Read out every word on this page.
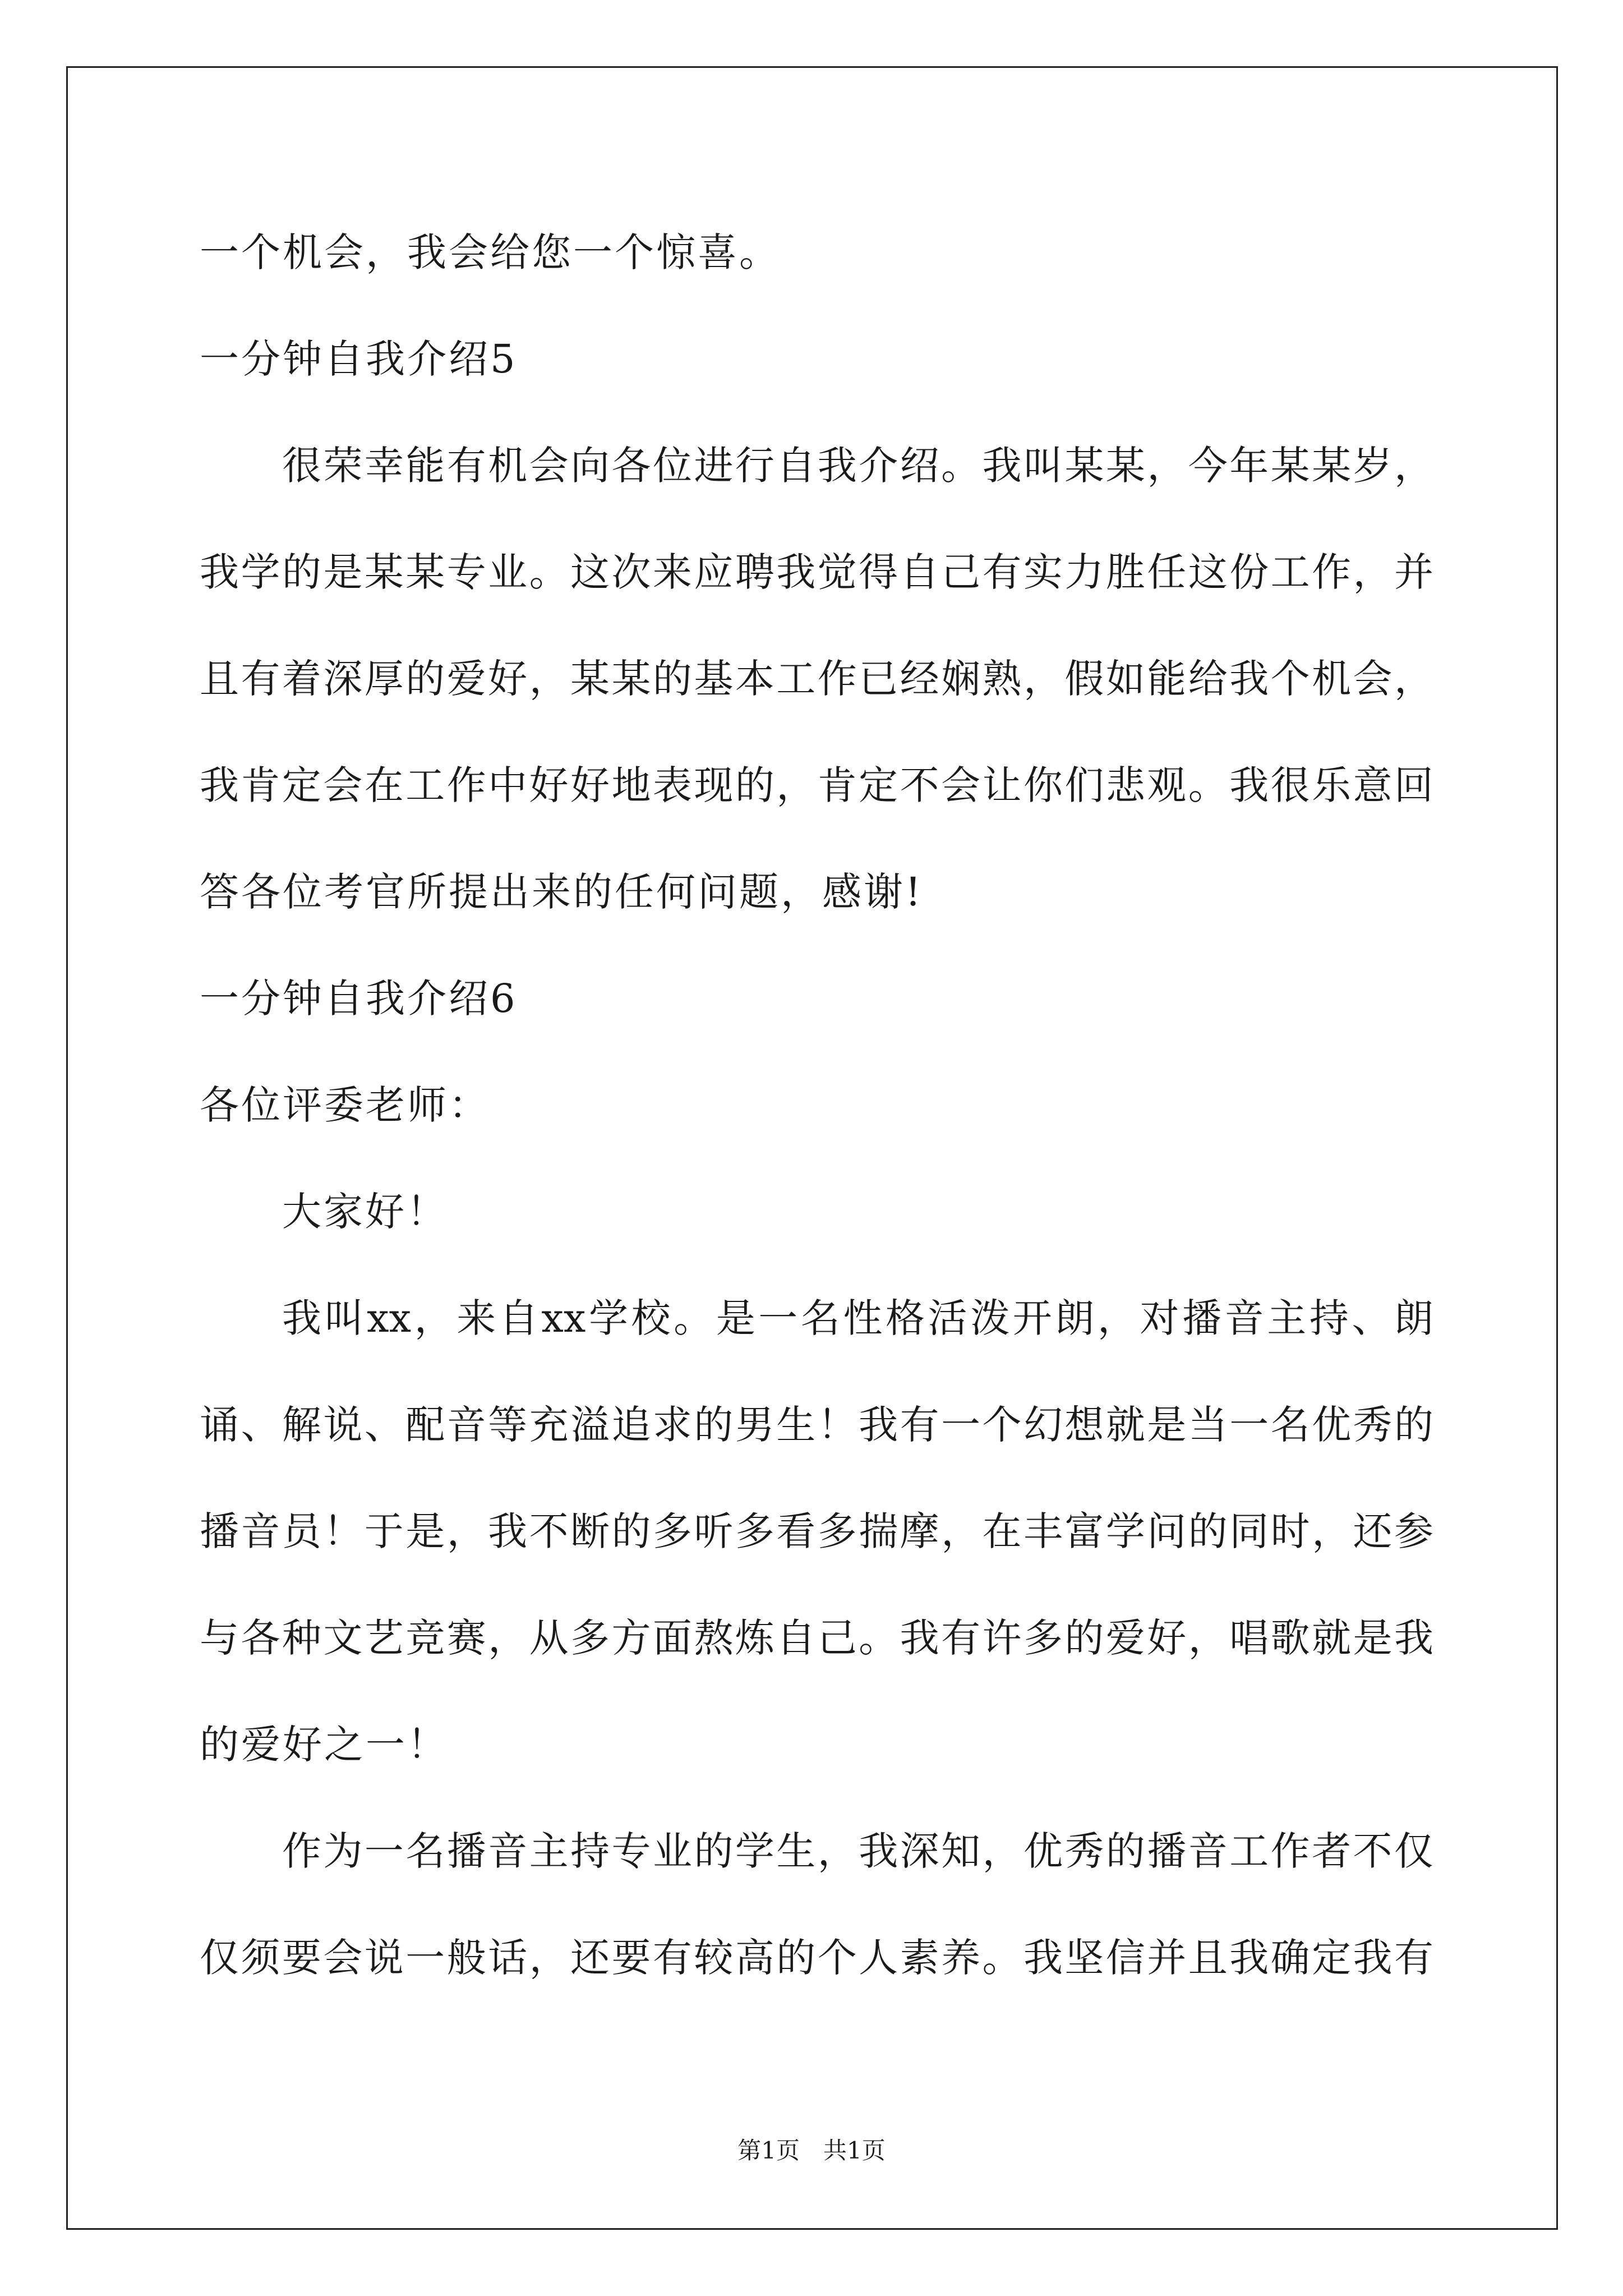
一个机会，我会给您一个惊喜。
一分钟自我介绍5
很荣幸能有机会向各位进行自我介绍。我叫某某，今年某某岁，
我学的是某某专业。这次来应聘我觉得自己有实力胜任这份工作，并
且有着深厚的爱好，某某的基本工作已经娴熟，假如能给我个机会，
我肯定会在工作中好好地表现的，肯定不会让你们悲观。我很乐意回
答各位考官所提出来的任何问题，感谢!
一分钟自我介绍6
各位评委老师：
大家好！
我叫xx，来自xx学校。是一名性格活泼开朗，对播音主持、朗
诵、解说、配音等充溢追求的男生！我有一个幻想就是当一名优秀的
播音员！于是，我不断的多听多看多揣摩，在丰富学问的同时，还参
与各种文艺竞赛，从多方面熬炼自己。我有许多的爱好，唱歌就是我
的爱好之一！
作为一名播音主持专业的学生，我深知，优秀的播音工作者不仅
仅须要会说一般话，还要有较高的个人素养。我坚信并且我确定我有
第1页　共1页
